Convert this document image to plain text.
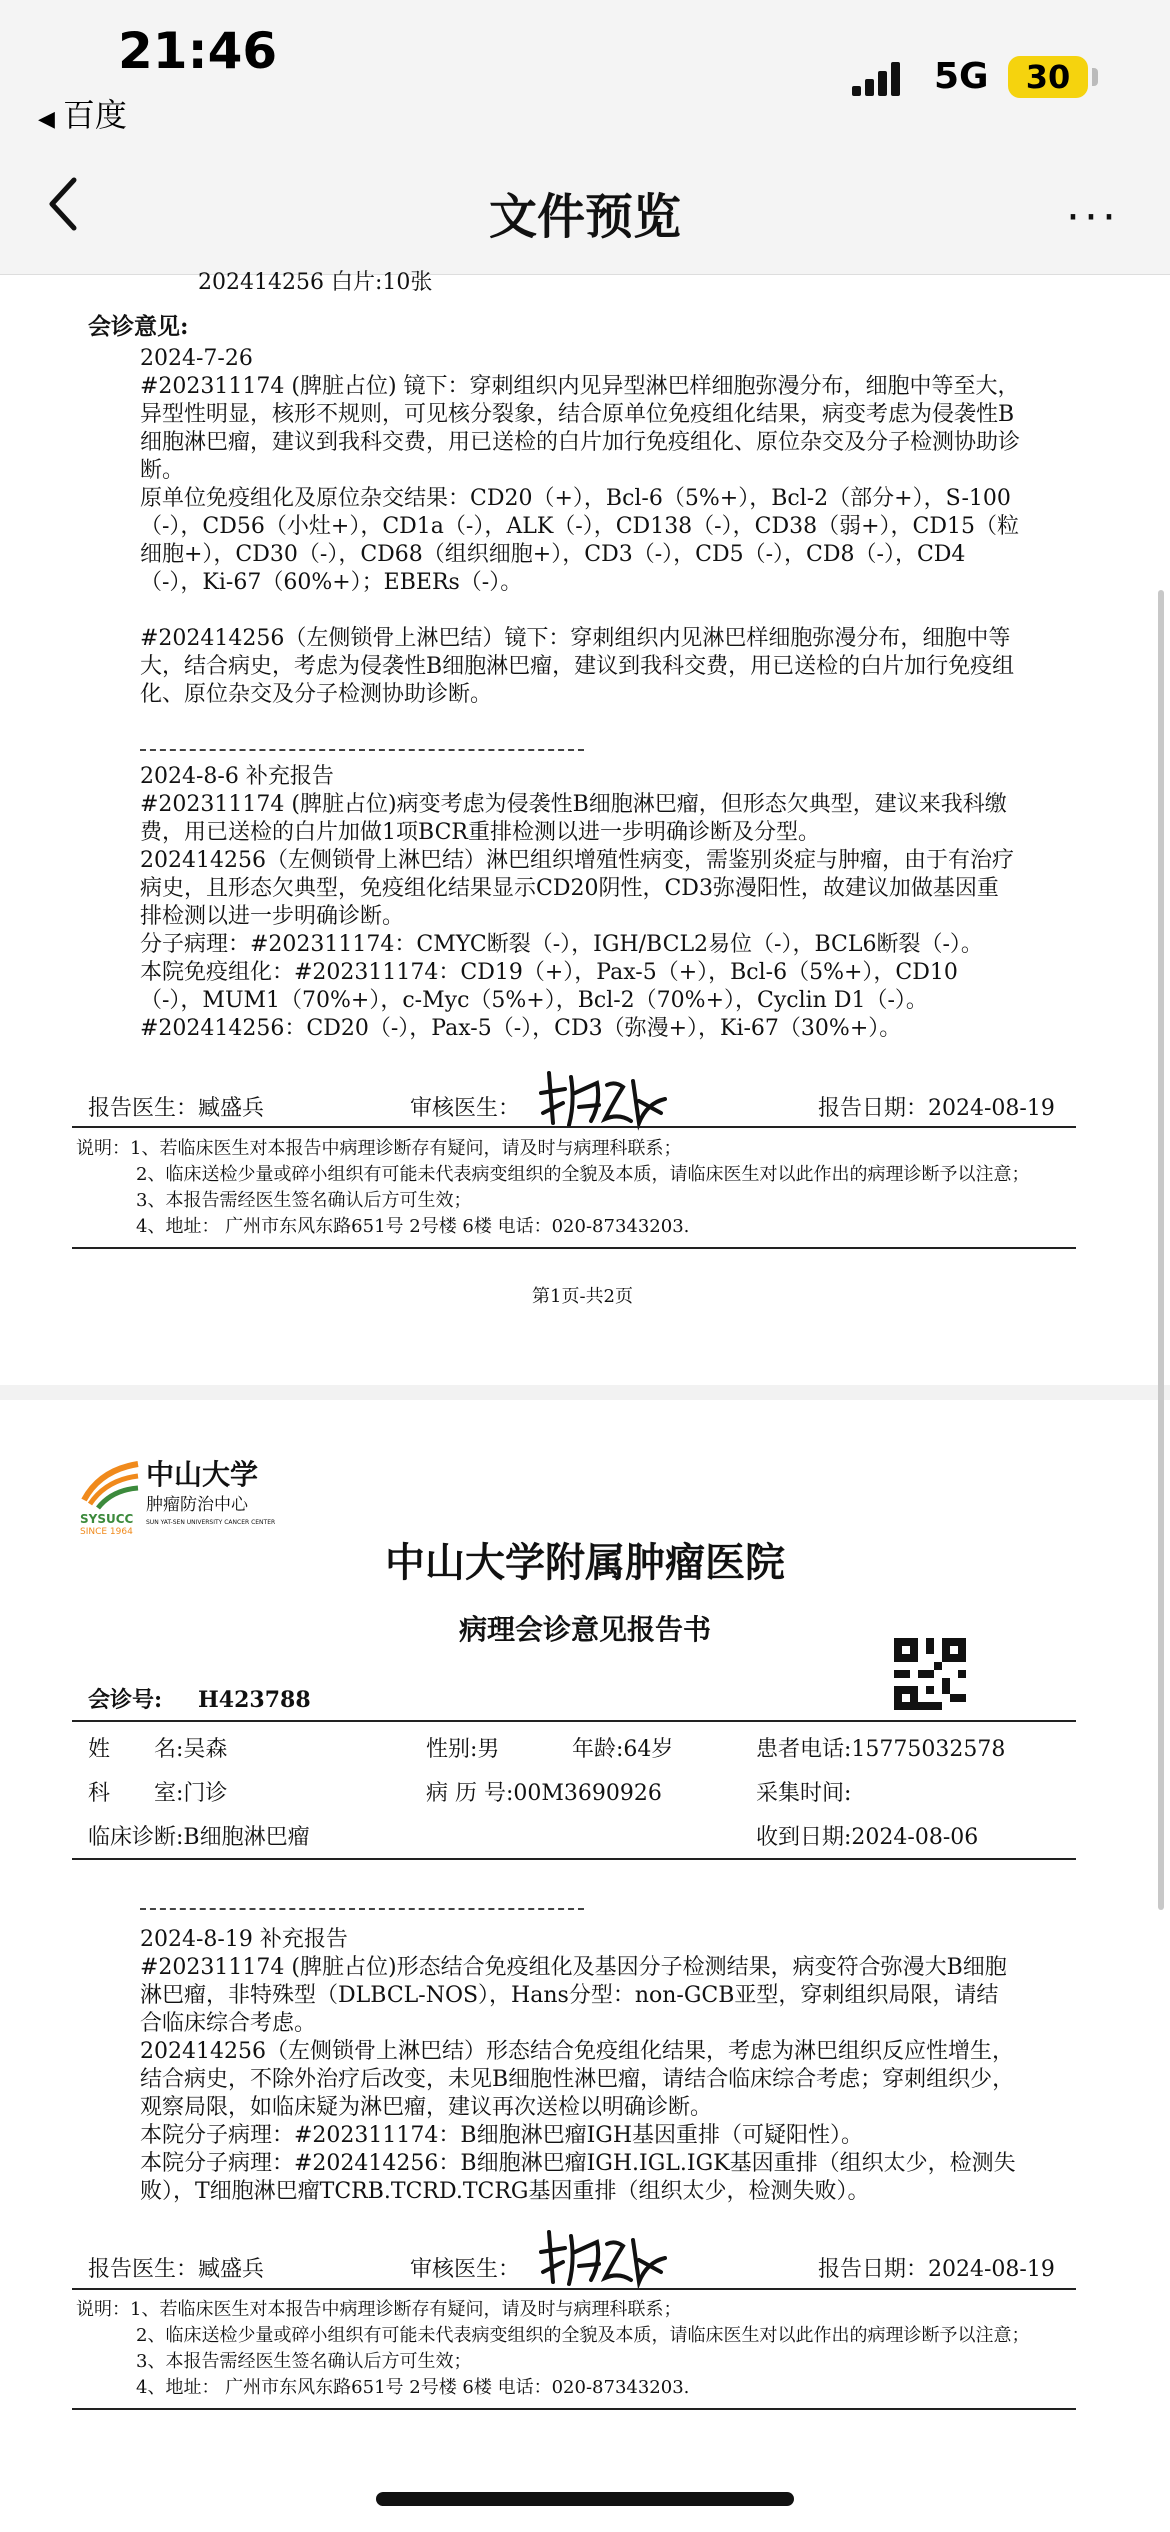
21:46
◀ 百度
5G	30
文件预览	···
202414256 白片:10张
会诊意见:
2024-7-26
#202311174 (脾脏占位) 镜下：穿刺组织内见异型淋巴样细胞弥漫分布，细胞中等至大，异型性明显，核形不规则，可见核分裂象，结合原单位免疫组化结果，病变考虑为侵袭性B细胞淋巴瘤，建议到我科交费，用已送检的白片加行免疫组化、原位杂交及分子检测协助诊断。
原单位免疫组化及原位杂交结果：CD20（+），Bcl-6（5%+），Bcl-2（部分+），S-100（-），CD56（小灶+），CD1a（-），ALK（-），CD138（-），CD38（弱+），CD15（粒细胞+），CD30（-），CD68（组织细胞+），CD3（-），CD5（-），CD8（-），CD4（-），Ki-67（60%+）；EBERs（-）。
#202414256（左侧锁骨上淋巴结）镜下：穿刺组织内见淋巴样细胞弥漫分布，细胞中等大，结合病史，考虑为侵袭性B细胞淋巴瘤，建议到我科交费，用已送检的白片加行免疫组化、原位杂交及分子检测协助诊断。
2024-8-6 补充报告
#202311174 (脾脏占位)病变考虑为侵袭性B细胞淋巴瘤，但形态欠典型，建议来我科缴费，用已送检的白片加做1项BCR重排检测以进一步明确诊断及分型。
202414256（左侧锁骨上淋巴结）淋巴组织增殖性病变，需鉴别炎症与肿瘤，由于有治疗病史，且形态欠典型，免疫组化结果显示CD20阴性，CD3弥漫阳性，故建议加做基因重排检测以进一步明确诊断。
分子病理：#202311174：CMYC断裂（-），IGH/BCL2易位（-），BCL6断裂（-）。
本院免疫组化：#202311174：CD19（+），Pax-5（+），Bcl-6（5%+），CD10（-），MUM1（70%+），c-Myc（5%+），Bcl-2（70%+），Cyclin D1（-）。
#202414256：CD20（-），Pax-5（-），CD3（弥漫+），Ki-67（30%+）。
报告医生：臧盛兵	审核医生：	报告日期：2024-08-19
说明：1、若临床医生对本报告中病理诊断存有疑问，请及时与病理科联系；
2、临床送检少量或碎小组织有可能未代表病变组织的全貌及本质，请临床医生对以此作出的病理诊断予以注意；
3、本报告需经医生签名确认后方可生效；
4、地址： 广州市东风东路651号 2号楼 6楼 电话：020-87343203.
第1页-共2页
SYSUCC
SINCE 1964
中山大学
肿瘤防治中心
SUN YAT-SEN UNIVERSITY CANCER CENTER
中山大学附属肿瘤医院
病理会诊意见报告书
会诊号: H423788
姓　　名:吴森	性别:男	年龄:64岁	患者电话:15775032578
科　　室:门诊	病 历 号:00M3690926	采集时间:
临床诊断:B细胞淋巴瘤	收到日期:2024-08-06
2024-8-19 补充报告
#202311174 (脾脏占位)形态结合免疫组化及基因分子检测结果，病变符合弥漫大B细胞淋巴瘤，非特殊型（DLBCL-NOS），Hans分型：non-GCB亚型，穿刺组织局限，请结合临床综合考虑。
202414256（左侧锁骨上淋巴结）形态结合免疫组化结果，考虑为淋巴组织反应性增生，结合病史，不除外治疗后改变，未见B细胞性淋巴瘤，请结合临床综合考虑；穿刺组织少，观察局限，如临床疑为淋巴瘤，建议再次送检以明确诊断。
本院分子病理：#202311174：B细胞淋巴瘤IGH基因重排（可疑阳性）。
本院分子病理：#202414256：B细胞淋巴瘤IGH.IGL.IGK基因重排（组织太少，检测失败），T细胞淋巴瘤TCRB.TCRD.TCRG基因重排（组织太少，检测失败）。
报告医生：臧盛兵	审核医生：	报告日期：2024-08-19
说明：1、若临床医生对本报告中病理诊断存有疑问，请及时与病理科联系；
2、临床送检少量或碎小组织有可能未代表病变组织的全貌及本质，请临床医生对以此作出的病理诊断予以注意；
3、本报告需经医生签名确认后方可生效；
4、地址： 广州市东风东路651号 2号楼 6楼 电话：020-87343203.
